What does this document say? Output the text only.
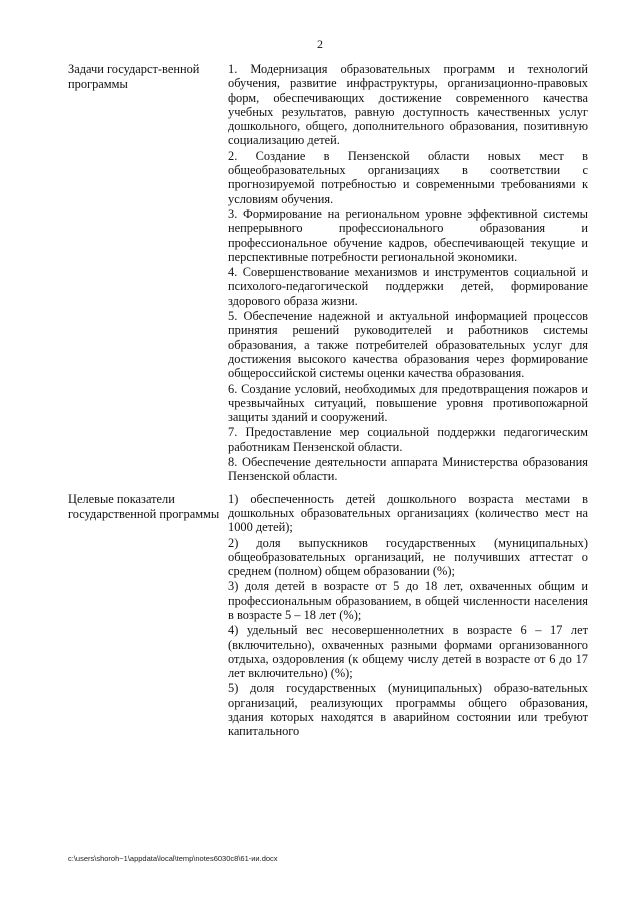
2
Задачи государст-венной программы

1. Модернизация образовательных программ и технологий обучения, развитие инфраструктуры, организационно-правовых форм, обеспечивающих достижение современного качества учебных результатов, равную доступность качественных услуг дошкольного, общего, дополнительного образования, позитивную социализацию детей.

2. Создание в Пензенской области новых мест в общеобразовательных организациях в соответствии с прогнозируемой потребностью и современными требованиями к условиям обучения.

3. Формирование на региональном уровне эффективной системы непрерывного профессионального образования и профессиональное обучение кадров, обеспечивающей текущие и перспективные потребности региональной экономики.

4. Совершенствование механизмов и инструментов социальной и психолого-педагогической поддержки детей, формирование здорового образа жизни.

5. Обеспечение надежной и актуальной информацией процессов принятия решений руководителей и работников системы образования, а также потребителей образовательных услуг для достижения высокого качества образования через формирование общероссийской системы оценки качества образования.

6. Создание условий, необходимых для предотвращения пожаров и чрезвычайных ситуаций, повышение уровня противопожарной защиты зданий и сооружений.

7. Предоставление мер социальной поддержки педагогическим работникам Пензенской области.

8. Обеспечение деятельности аппарата Министерства образования Пензенской области.

Целевые показатели государственной программы

1) обеспеченность детей дошкольного возраста местами в дошкольных образовательных организациях (количество мест на 1000 детей);

2) доля выпускников государственных (муниципальных) общеобразовательных организаций, не получивших аттестат о среднем (полном) общем образовании (%);

3) доля детей в возрасте от 5 до 18 лет, охваченных общим и профессиональным образованием, в общей численности населения в возрасте 5 – 18 лет (%);

4) удельный вес несовершеннолетних в возрасте 6 – 17 лет (включительно), охваченных разными формами организованного отдыха, оздоровления (к общему числу детей в возрасте от 6 до 17 лет включительно) (%);

5) доля государственных (муниципальных) образо-вательных организаций, реализующих программы общего образования, здания которых находятся в аварийном состоянии или требуют капитального

c:\users\shoroh~1\appdata\local\temp\notes6030c8\61-ии.docx
